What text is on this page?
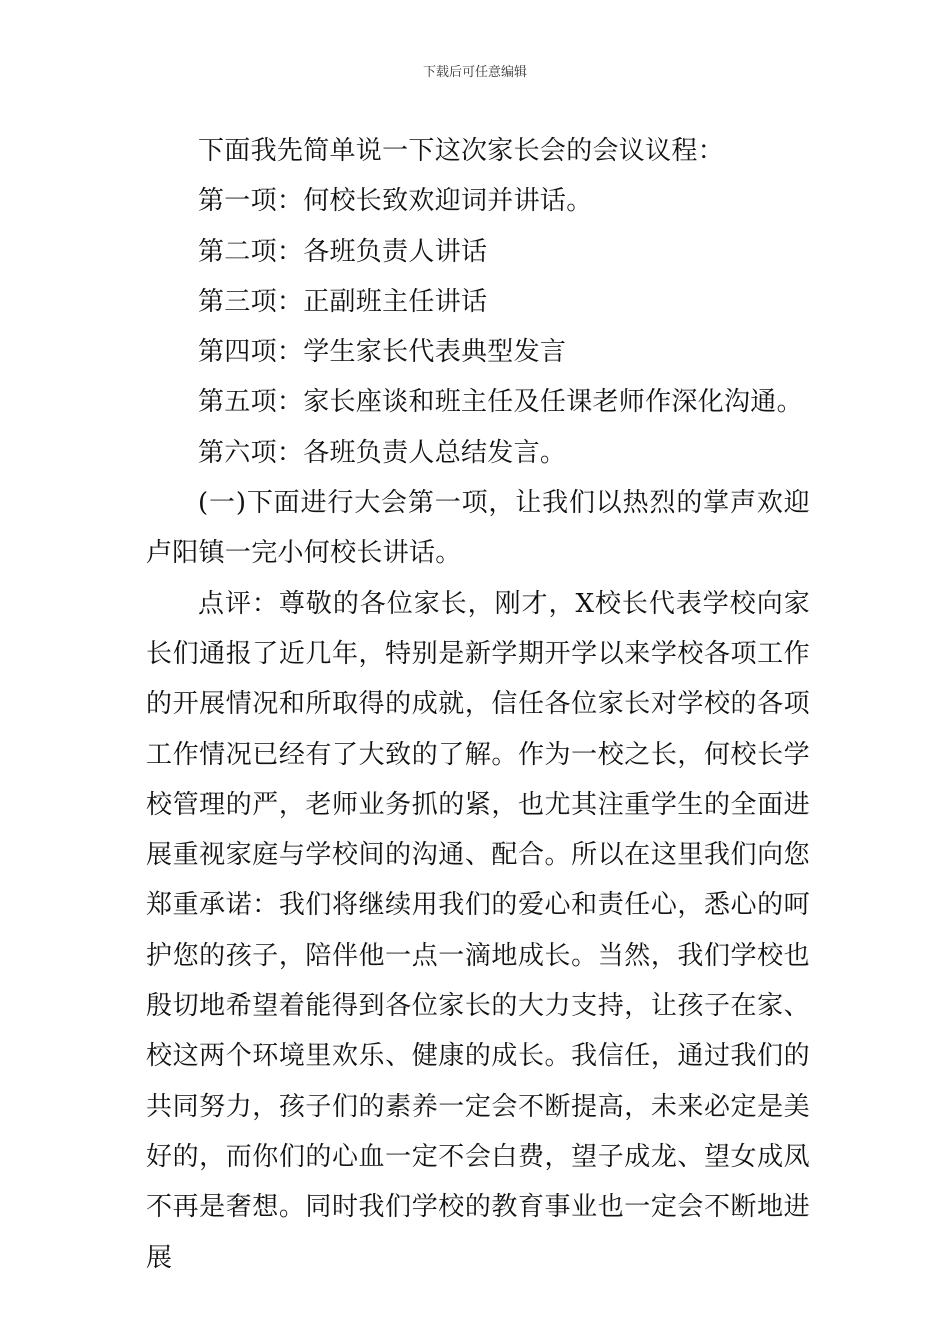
下载后可任意编辑

下面我先简单说一下这次家长会的会议议程：

第一项：何校长致欢迎词并讲话。

第二项：各班负责人讲话

第三项：正副班主任讲话

第四项：学生家长代表典型发言

第五项：家长座谈和班主任及任课老师作深化沟通。

第六项：各班负责人总结发言。

(一)下面进行大会第一项，让我们以热烈的掌声欢迎卢阳镇一完小何校长讲话。

点评：尊敬的各位家长，刚才，X校长代表学校向家长们通报了近几年，特别是新学期开学以来学校各项工作的开展情况和所取得的成就，信任各位家长对学校的各项工作情况已经有了大致的了解。作为一校之长，何校长学校管理的严，老师业务抓的紧，也尤其注重学生的全面进展重视家庭与学校间的沟通、配合。所以在这里我们向您郑重承诺：我们将继续用我们的爱心和责任心，悉心的呵护您的孩子，陪伴他一点一滴地成长。当然，我们学校也殷切地希望着能得到各位家长的大力支持，让孩子在家、校这两个环境里欢乐、健康的成长。我信任，通过我们的共同努力，孩子们的素养一定会不断提高，未来必定是美好的，而你们的心血一定不会白费，望子成龙、望女成凤不再是奢想。同时我们学校的教育事业也一定会不断地进展
